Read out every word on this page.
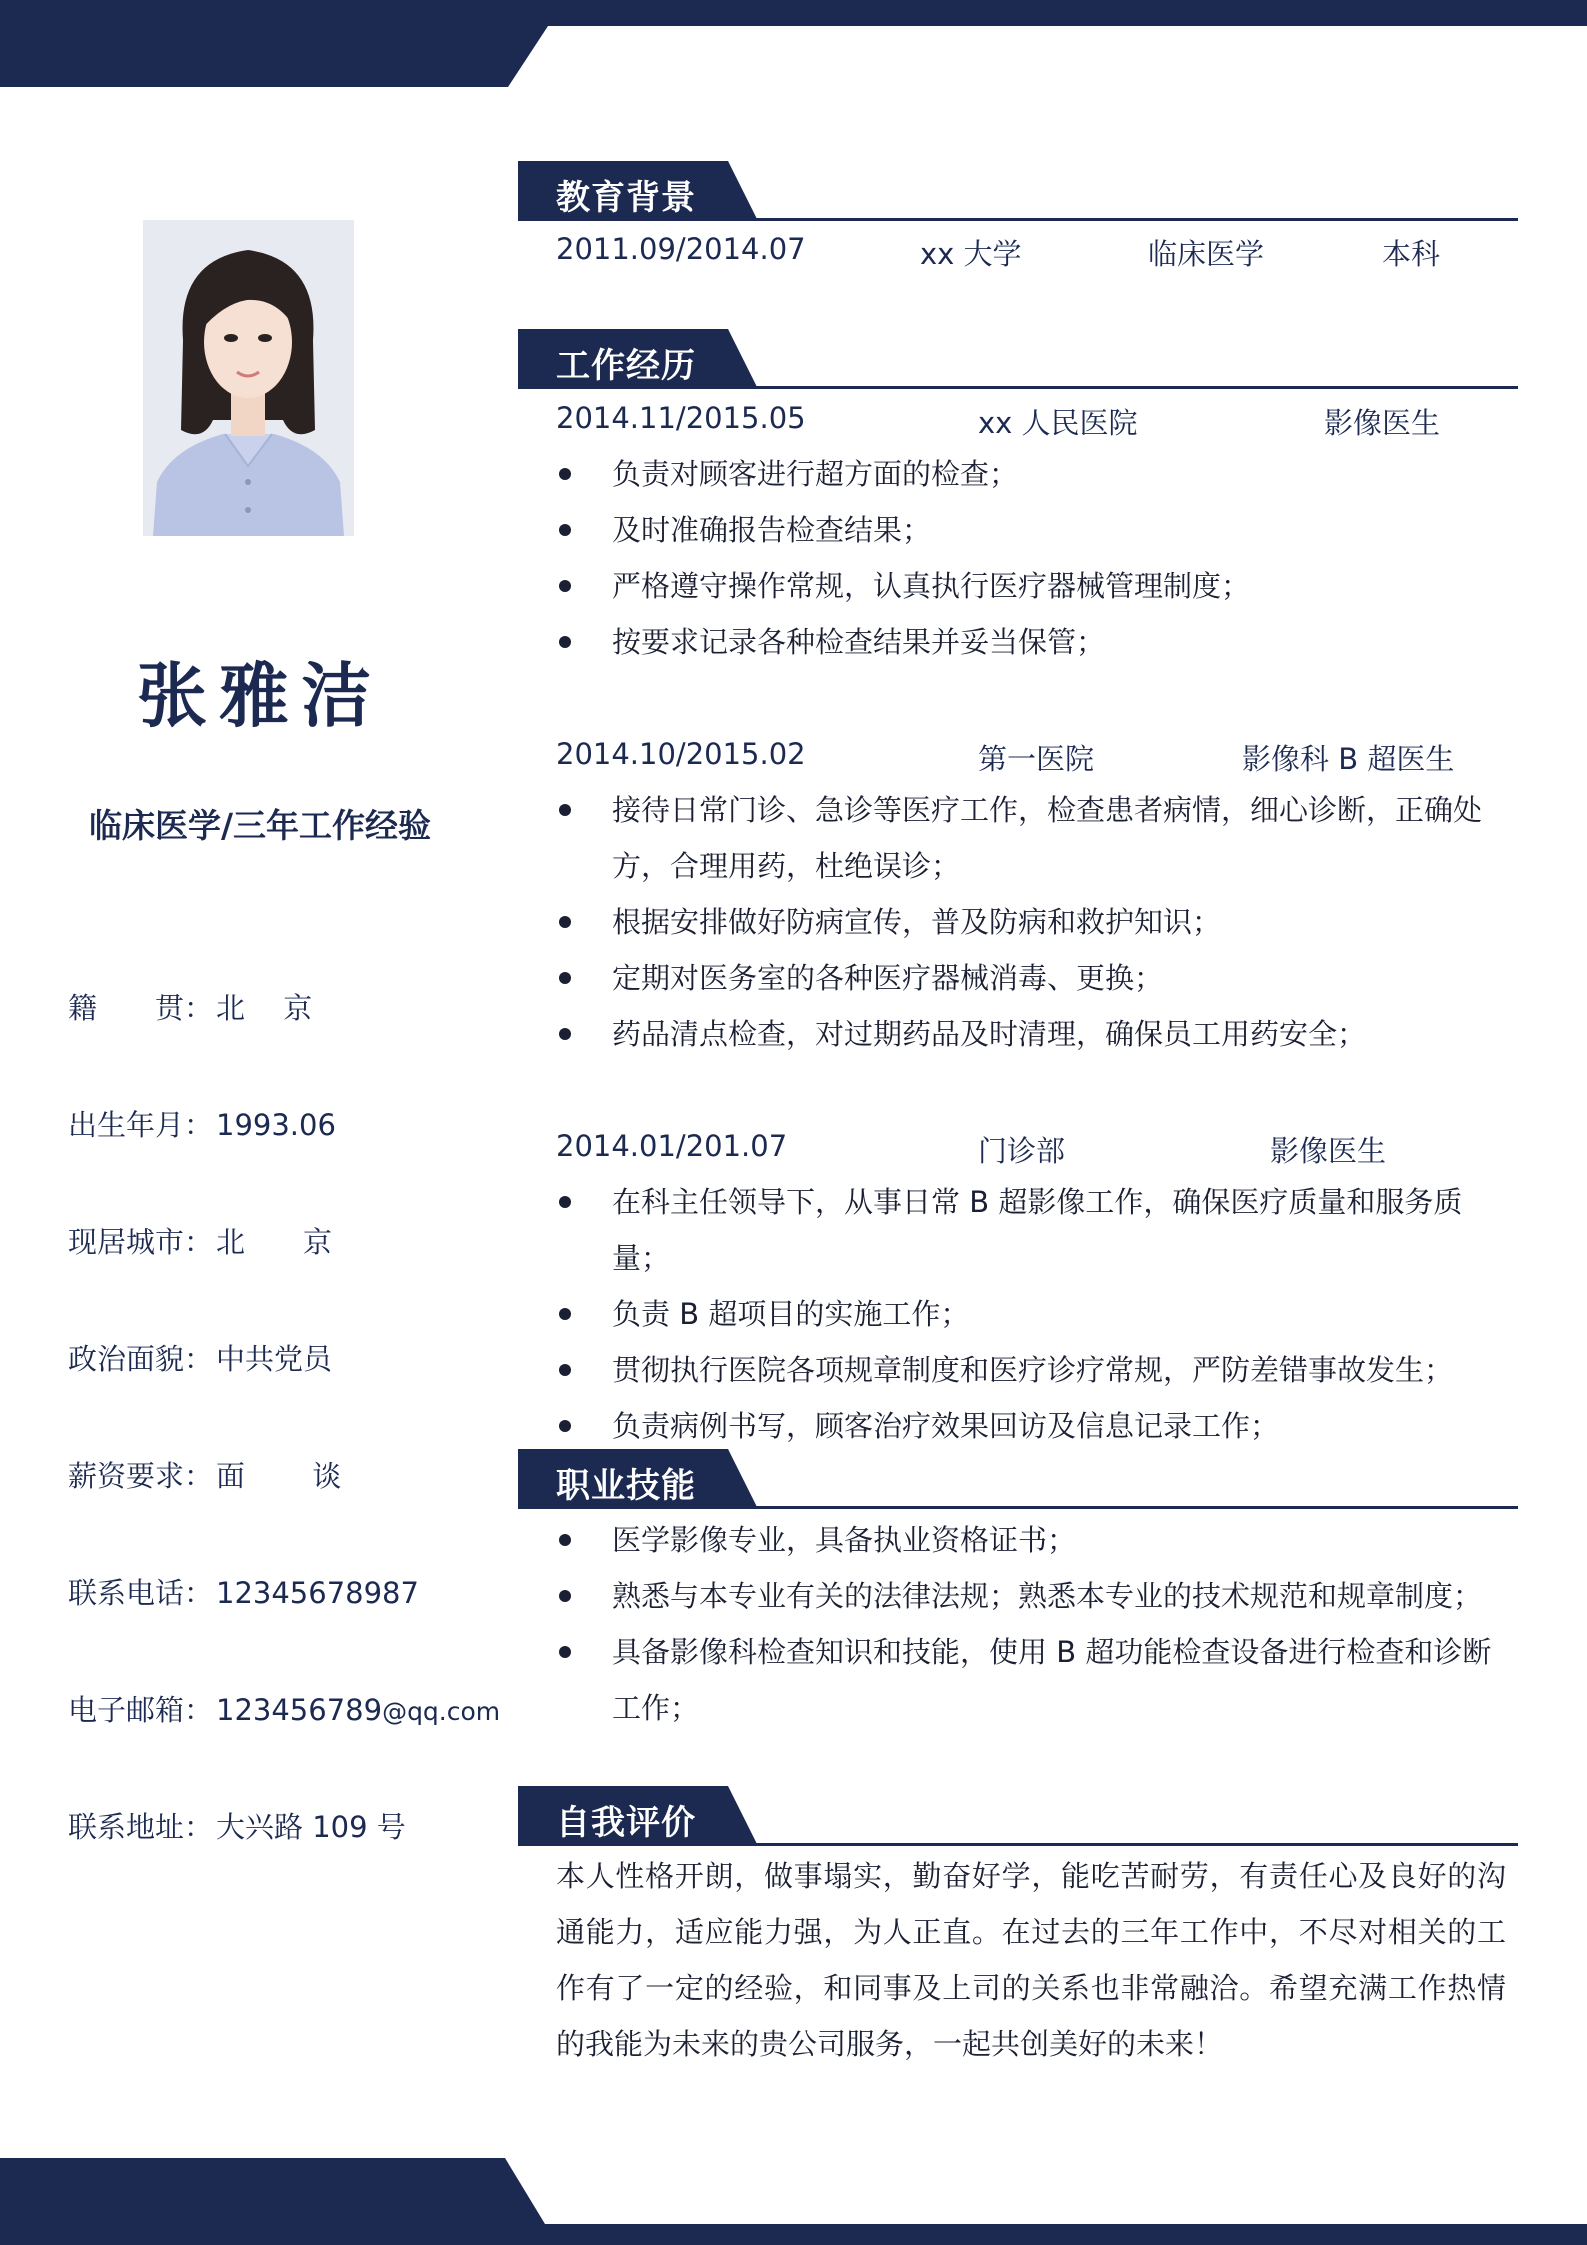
张雅洁
临床医学/三年工作经验
籍　　贯： 北　 京
出生年月： 1993.06
现居城市： 北　　京
政治面貌： 中共党员
薪资要求： 面　　 谈
联系电话： 12345678987
电子邮箱： 123456789@qq.com
联系地址： 大兴路 109 号
教育背景
2011.09/2014.07	xx 大学	临床医学	本科
工作经历
2014.11/2015.05	xx 人民医院	影像医生
负责对顾客进行超方面的检查；
及时准确报告检查结果；
严格遵守操作常规，认真执行医疗器械管理制度；
按要求记录各种检查结果并妥当保管；
2014.10/2015.02	第一医院	影像科 B 超医生
接待日常门诊、急诊等医疗工作，检查患者病情，细心诊断，正确处方，合理用药，杜绝误诊；
根据安排做好防病宣传，普及防病和救护知识；
定期对医务室的各种医疗器械消毒、更换；
药品清点检查，对过期药品及时清理，确保员工用药安全；
2014.01/201.07	门诊部	影像医生
在科主任领导下，从事日常 B 超影像工作，确保医疗质量和服务质量；
负责 B 超项目的实施工作；
贯彻执行医院各项规章制度和医疗诊疗常规，严防差错事故发生；
负责病例书写，顾客治疗效果回访及信息记录工作；
职业技能
医学影像专业，具备执业资格证书；
熟悉与本专业有关的法律法规；熟悉本专业的技术规范和规章制度；
具备影像科检查知识和技能，使用 B 超功能检查设备进行检查和诊断工作；
自我评价
本人性格开朗，做事塌实，勤奋好学，能吃苦耐劳，有责任心及良好的沟通能力，适应能力强，为人正直。在过去的三年工作中，不尽对相关的工作有了一定的经验，和同事及上司的关系也非常融洽。希望充满工作热情的我能为未来的贵公司服务，一起共创美好的未来！
